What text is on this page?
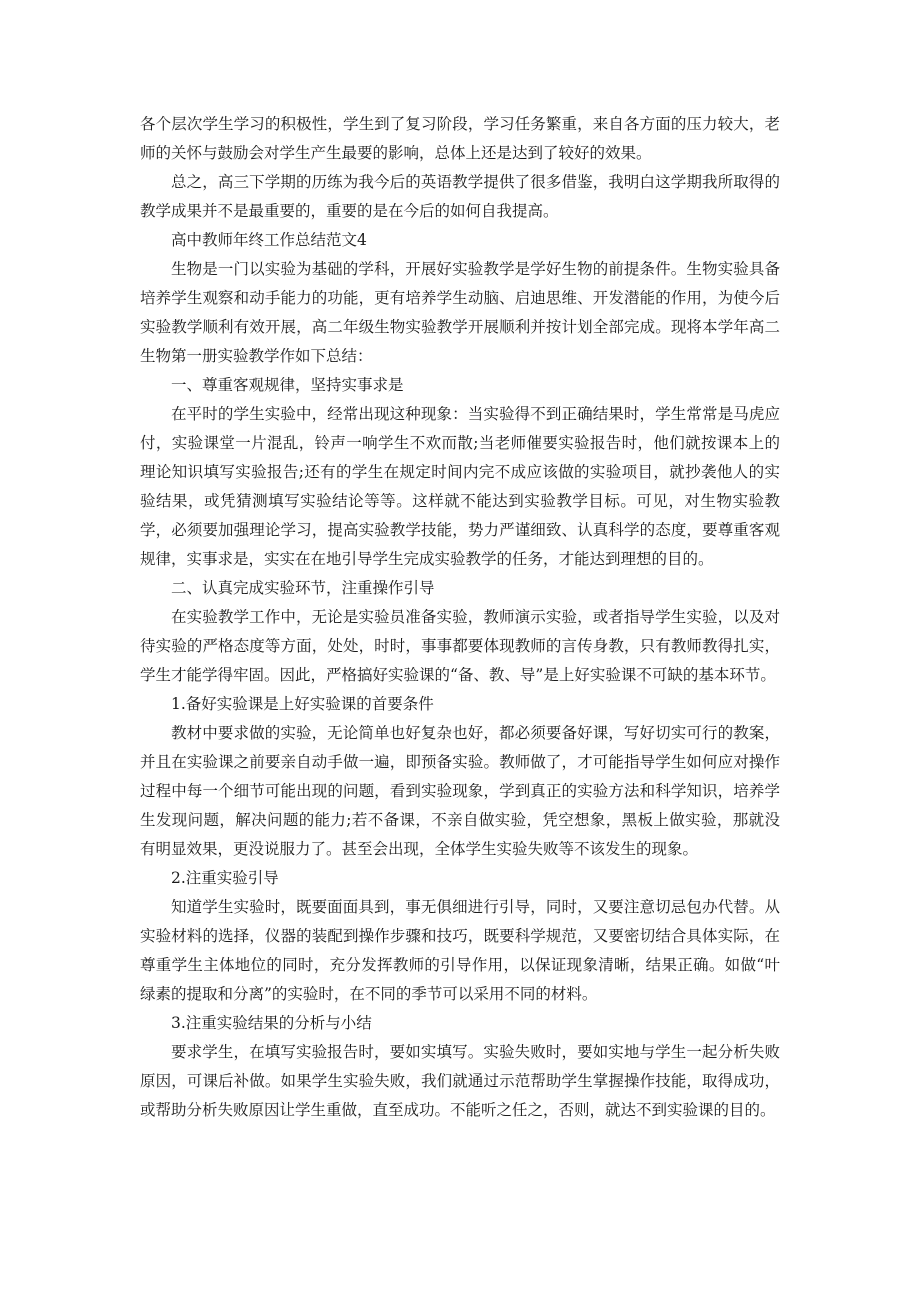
各个层次学生学习的积极性，学生到了复习阶段，学习任务繁重，来自各方面的压力较大，老师的关怀与鼓励会对学生产生最要的影响，总体上还是达到了较好的效果。

总之，高三下学期的历练为我今后的英语教学提供了很多借鉴，我明白这学期我所取得的教学成果并不是最重要的，重要的是在今后的如何自我提高。

高中教师年终工作总结范文4

生物是一门以实验为基础的学科，开展好实验教学是学好生物的前提条件。生物实验具备培养学生观察和动手能力的功能，更有培养学生动脑、启迪思维、开发潜能的作用，为使今后实验教学顺利有效开展，高二年级生物实验教学开展顺利并按计划全部完成。现将本学年高二生物第一册实验教学作如下总结：

一、尊重客观规律，坚持实事求是

在平时的学生实验中，经常出现这种现象：当实验得不到正确结果时，学生常常是马虎应付，实验课堂一片混乱，铃声一响学生不欢而散;当老师催要实验报告时，他们就按课本上的理论知识填写实验报告;还有的学生在规定时间内完不成应该做的实验项目，就抄袭他人的实验结果，或凭猜测填写实验结论等等。这样就不能达到实验教学目标。可见，对生物实验教学，必须要加强理论学习，提高实验教学技能，势力严谨细致、认真科学的态度，要尊重客观规律，实事求是，实实在在地引导学生完成实验教学的任务，才能达到理想的目的。

二、认真完成实验环节，注重操作引导

在实验教学工作中，无论是实验员准备实验，教师演示实验，或者指导学生实验，以及对待实验的严格态度等方面，处处，时时，事事都要体现教师的言传身教，只有教师教得扎实，学生才能学得牢固。因此，严格搞好实验课的“备、教、导”是上好实验课不可缺的基本环节。

1.备好实验课是上好实验课的首要条件

教材中要求做的实验，无论简单也好复杂也好，都必须要备好课，写好切实可行的教案，并且在实验课之前要亲自动手做一遍，即预备实验。教师做了，才可能指导学生如何应对操作过程中每一个细节可能出现的问题，看到实验现象，学到真正的实验方法和科学知识，培养学生发现问题，解决问题的能力;若不备课，不亲自做实验，凭空想象，黑板上做实验，那就没有明显效果，更没说服力了。甚至会出现，全体学生实验失败等不该发生的现象。

2.注重实验引导

知道学生实验时，既要面面具到，事无俱细进行引导，同时，又要注意切忌包办代替。从实验材料的选择，仪器的装配到操作步骤和技巧，既要科学规范，又要密切结合具体实际，在尊重学生主体地位的同时，充分发挥教师的引导作用，以保证现象清晰，结果正确。如做“叶绿素的提取和分离”的实验时，在不同的季节可以采用不同的材料。

3.注重实验结果的分析与小结

要求学生，在填写实验报告时，要如实填写。实验失败时，要如实地与学生一起分析失败原因，可课后补做。如果学生实验失败，我们就通过示范帮助学生掌握操作技能，取得成功，或帮助分析失败原因让学生重做，直至成功。不能听之任之，否则，就达不到实验课的目的。
